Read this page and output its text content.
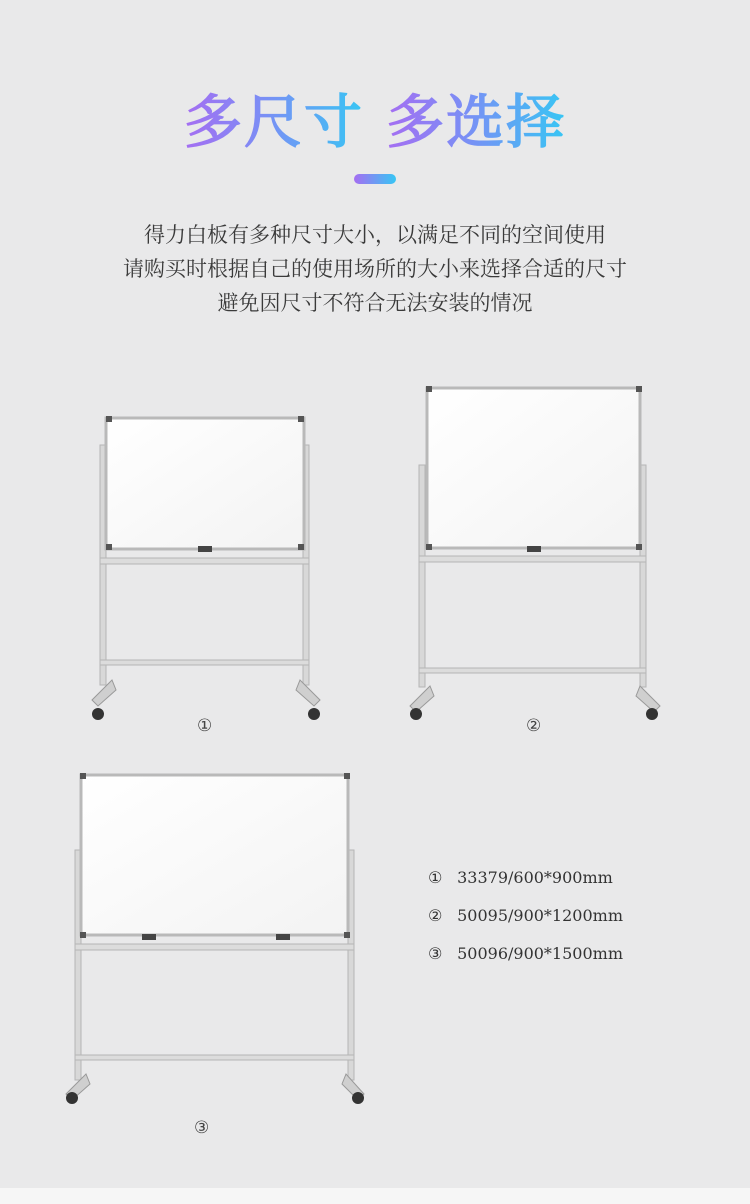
多尺寸 多选择
得力白板有多种尺寸大小，以满足不同的空间使用
请购买时根据自己的使用场所的大小来选择合适的尺寸
避免因尺寸不符合无法安装的情况
①	②
③
① 33379/600*900mm
② 50095/900*1200mm
③ 50096/900*1500mm
